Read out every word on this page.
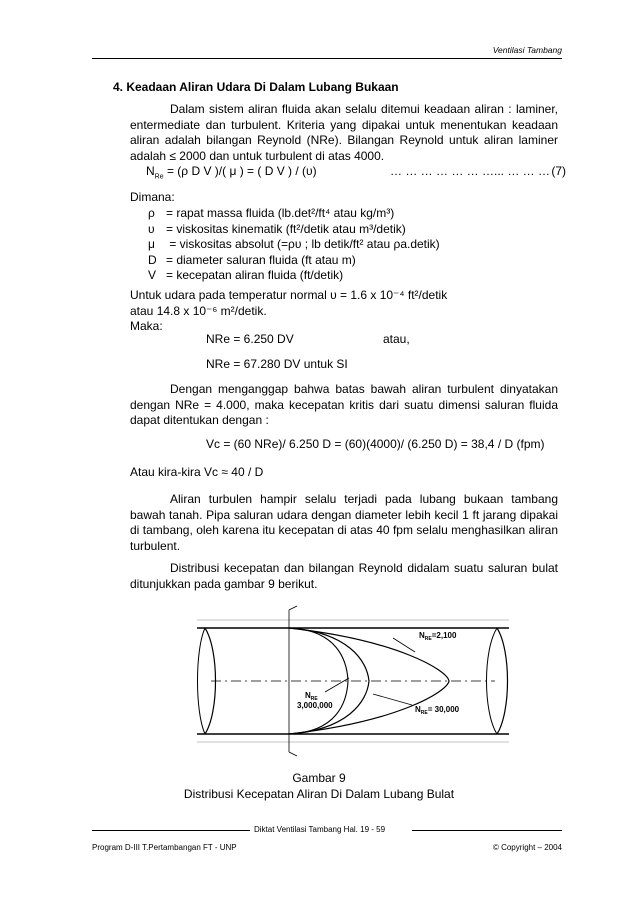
Ventilasi Tambang
4. Keadaan Aliran Udara Di Dalam Lubang Bukaan
Dalam sistem aliran fluida akan selalu ditemui keadaan aliran : laminer, entermediate dan turbulent. Kriteria yang dipakai untuk menentukan keadaan aliran adalah bilangan Reynold (NRe). Bilangan Reynold untuk aliran laminer adalah ≤ 2000 dan untuk turbulent di atas 4000.
$N_{Re} = (\rho$ D V )/( μ ) = ( D V ) / (υ)	… … … … … … …... … … … (7)
Dimana:
ρ = rapat massa fluida (lb.det²/ft⁴ atau kg/m³)
υ = viskositas kinematik (ft²/detik atau m³/detik)
μ = viskositas absolut (=ρυ ; lb detik/ft² atau ρa.detik)
D = diameter saluran fluida (ft atau m)
V = kecepatan aliran fluida (ft/detik)
Untuk udara pada temperatur normal υ = 1.6 x 10⁻⁴ ft²/detik
atau 14.8 x 10⁻⁶ m²/detik.
Maka:
NRe = 6.250 DV	atau,
NRe = 67.280 DV untuk SI
Dengan menganggap bahwa batas bawah aliran turbulent dinyatakan dengan NRe = 4.000, maka kecepatan kritis dari suatu dimensi saluran fluida dapat ditentukan dengan :
Vc = (60 NRe)/ 6.250 D = (60)(4000)/ (6.250 D) = 38,4 / D (fpm)
Atau kira-kira Vc ≈ 40 / D
Aliran turbulen hampir selalu terjadi pada lubang bukaan tambang bawah tanah. Pipa saluran udara dengan diameter lebih kecil 1 ft jarang dipakai di tambang, oleh karena itu kecepatan di atas 40 fpm selalu menghasilkan aliran turbulent.
Distribusi kecepatan dan bilangan Reynold didalam suatu saluran bulat ditunjukkan pada gambar 9 berikut.
$N_{RE}=2,100$
$N_{RE}$
3,000,000	$N_{RE}= 30,000$
Gambar 9
Distribusi Kecepatan Aliran Di Dalam Lubang Bulat
Diktat Ventilasi Tambang Hal. 19 - 59
Program D-III T.Pertambangan FT - UNP	© Copyright – 2004
